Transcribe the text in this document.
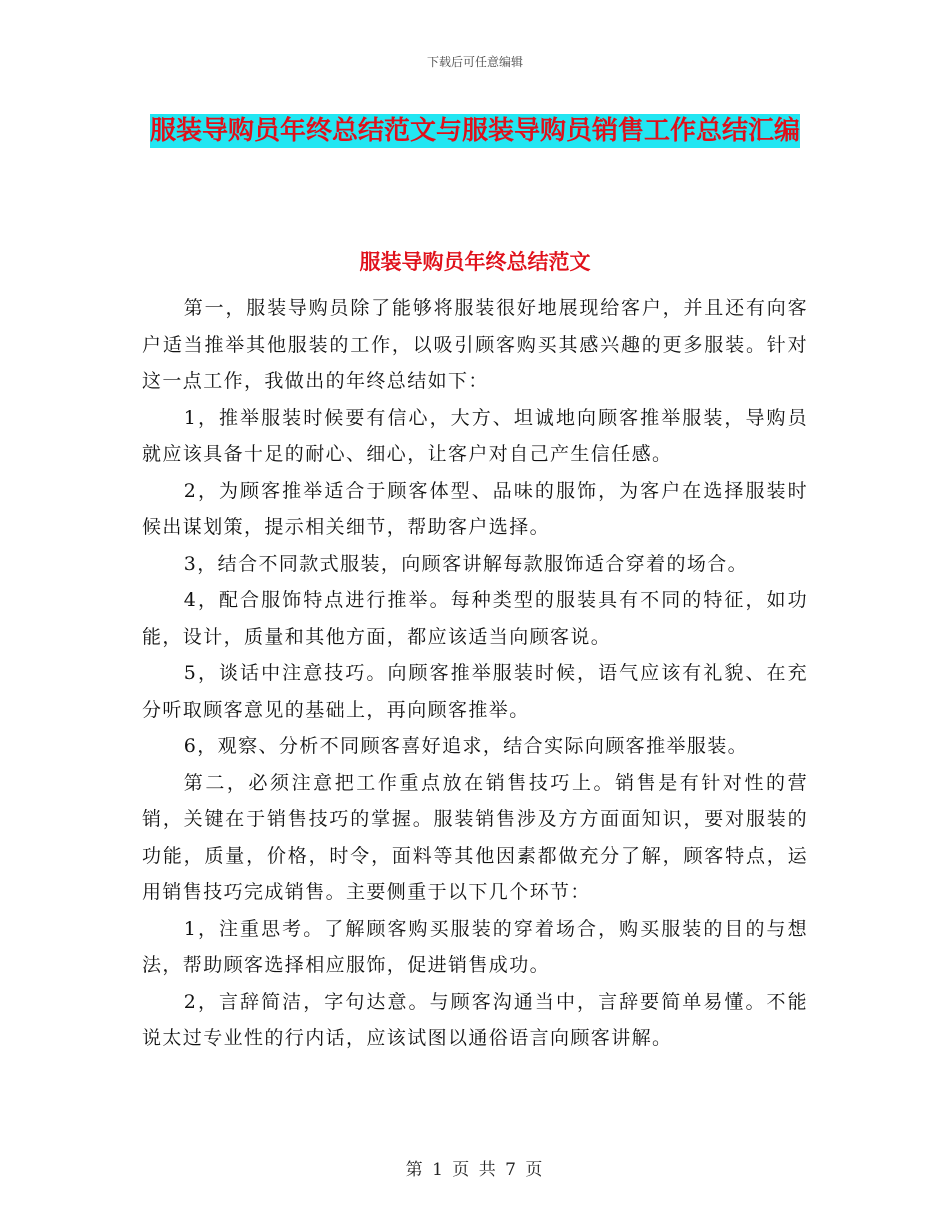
下载后可任意编辑
服装导购员年终总结范文与服装导购员销售工作总结汇编
服装导购员年终总结范文

第一，服装导购员除了能够将服装很好地展现给客户，并且还有向客户适当推举其他服装的工作，以吸引顾客购买其感兴趣的更多服装。针对这一点工作，我做出的年终总结如下：

1，推举服装时候要有信心，大方、坦诚地向顾客推举服装，导购员就应该具备十足的耐心、细心，让客户对自己产生信任感。

2，为顾客推举适合于顾客体型、品味的服饰，为客户在选择服装时候出谋划策，提示相关细节，帮助客户选择。

3，结合不同款式服装，向顾客讲解每款服饰适合穿着的场合。

4，配合服饰特点进行推举。每种类型的服装具有不同的特征，如功能，设计，质量和其他方面，都应该适当向顾客说。

5，谈话中注意技巧。向顾客推举服装时候，语气应该有礼貌、在充分听取顾客意见的基础上，再向顾客推举。

6，观察、分析不同顾客喜好追求，结合实际向顾客推举服装。

第二，必须注意把工作重点放在销售技巧上。销售是有针对性的营销，关键在于销售技巧的掌握。服装销售涉及方方面面知识，要对服装的功能，质量，价格，时令，面料等其他因素都做充分了解，顾客特点，运用销售技巧完成销售。主要侧重于以下几个环节：

1，注重思考。了解顾客购买服装的穿着场合，购买服装的目的与想法，帮助顾客选择相应服饰，促进销售成功。

2，言辞简洁，字句达意。与顾客沟通当中，言辞要简单易懂。不能说太过专业性的行内话，应该试图以通俗语言向顾客讲解。

第 1 页 共 7 页
